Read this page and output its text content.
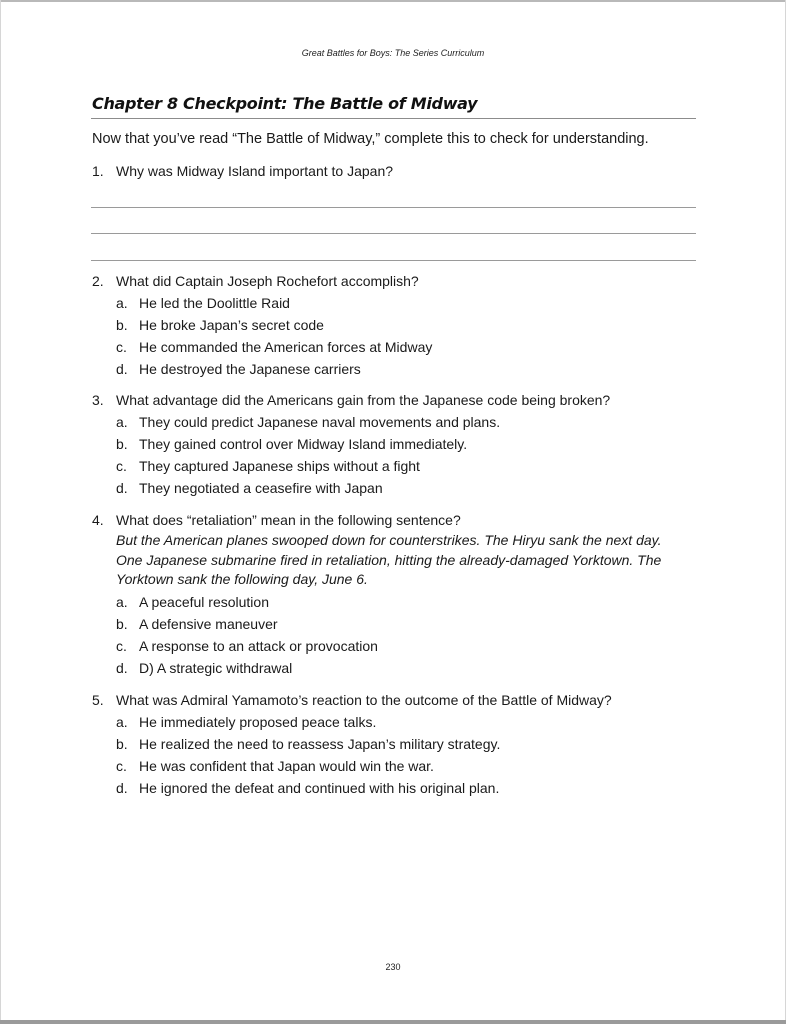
Great Battles for Boys: The Series Curriculum
Chapter 8 Checkpoint: The Battle of Midway

Now that you’ve read “The Battle of Midway,” complete this to check for understanding.

1. Why was Midway Island important to Japan?
2. What did Captain Joseph Rochefort accomplish?
a. He led the Doolittle Raid
b. He broke Japan’s secret code
c. He commanded the American forces at Midway
d. He destroyed the Japanese carriers
3. What advantage did the Americans gain from the Japanese code being broken?
a. They could predict Japanese naval movements and plans.
b. They gained control over Midway Island immediately.
c. They captured Japanese ships without a fight
d. They negotiated a ceasefire with Japan
4. What does “retaliation” mean in the following sentence?
But the American planes swooped down for counterstrikes. The Hiryu sank the next day. One Japanese submarine fired in retaliation, hitting the already-damaged Yorktown. The Yorktown sank the following day, June 6.
a. A peaceful resolution
b. A defensive maneuver
c. A response to an attack or provocation
d. D) A strategic withdrawal
5. What was Admiral Yamamoto’s reaction to the outcome of the Battle of Midway?
a. He immediately proposed peace talks.
b. He realized the need to reassess Japan’s military strategy.
c. He was confident that Japan would win the war.
d. He ignored the defeat and continued with his original plan.
230
